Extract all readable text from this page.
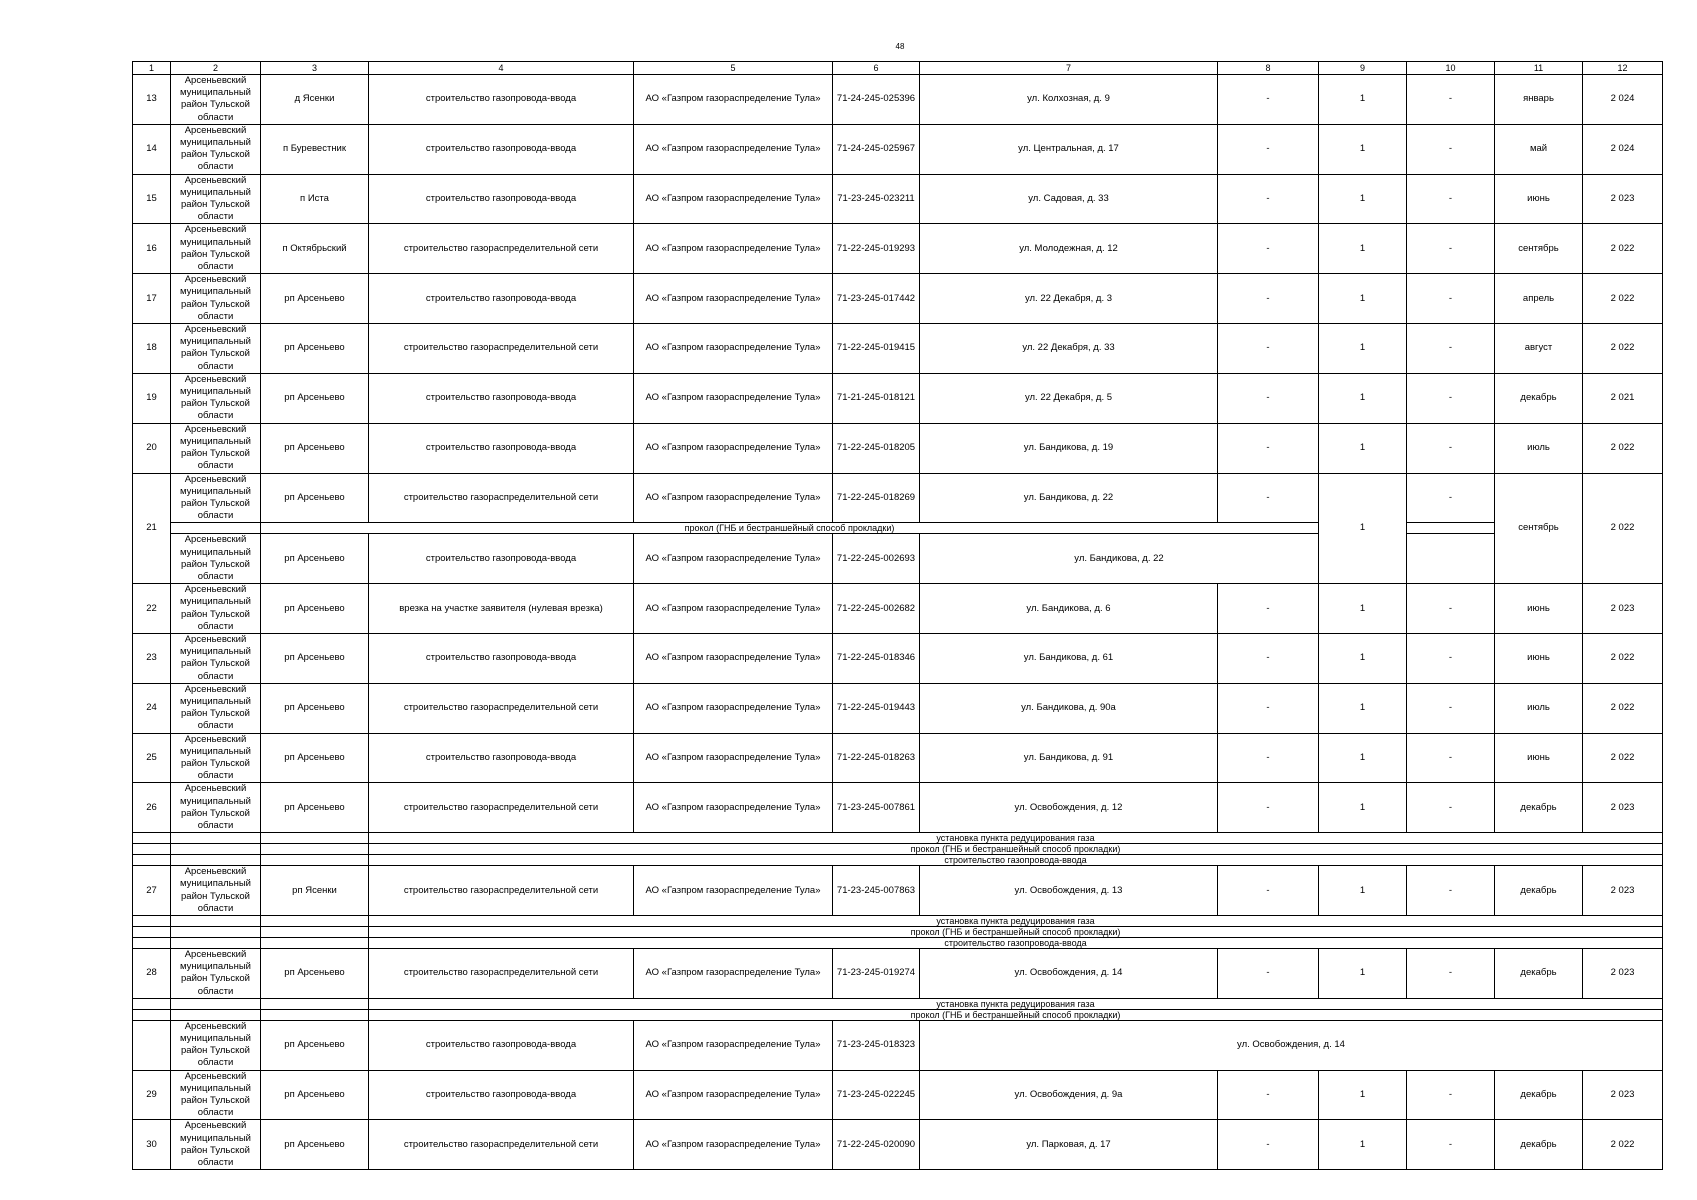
48
1	2	3	4	5	6	7	8	9	10	11	12
13	Арсеньевский муниципальный район Тульской области	д Ясенки	строительство газопровода-ввода	АО «Газпром газораспределение Тула»	71-24-245-025396	ул. Колхозная, д. 9	-	1	-	январь	2 024
14	Арсеньевский муниципальный район Тульской области	п Буревестник	строительство газопровода-ввода	АО «Газпром газораспределение Тула»	71-24-245-025967	ул. Центральная, д. 17	-	1	-	май	2 024
15	Арсеньевский муниципальный район Тульской области	п Иста	строительство газопровода-ввода	АО «Газпром газораспределение Тула»	71-23-245-023211	ул. Садовая, д. 33	-	1	-	июнь	2 023
16	Арсеньевский муниципальный район Тульской области	п Октябрьский	строительство газораспределительной сети	АО «Газпром газораспределение Тула»	71-22-245-019293	ул. Молодежная, д. 12	-	1	-	сентябрь	2 022
17	Арсеньевский муниципальный район Тульской области	рп Арсеньево	строительство газопровода-ввода	АО «Газпром газораспределение Тула»	71-23-245-017442	ул. 22 Декабря, д. 3	-	1	-	апрель	2 022
18	Арсеньевский муниципальный район Тульской области	рп Арсеньево	строительство газораспределительной сети	АО «Газпром газораспределение Тула»	71-22-245-019415	ул. 22 Декабря, д. 33	-	1	-	август	2 022
19	Арсеньевский муниципальный район Тульской области	рп Арсеньево	строительство газопровода-ввода	АО «Газпром газораспределение Тула»	71-21-245-018121	ул. 22 Декабря, д. 5	-	1	-	декабрь	2 021
20	Арсеньевский муниципальный район Тульской области	рп Арсеньево	строительство газопровода-ввода	АО «Газпром газораспределение Тула»	71-22-245-018205	ул. Бандикова, д. 19	-	1	-	июль	2 022
21	Арсеньевский муниципальный район Тульской области	рп Арсеньево	строительство газораспределительной сети	АО «Газпром газораспределение Тула»	71-22-245-018269	ул. Бандикова, д. 22	-	1	-	сентябрь	2 022
		прокол (ГНБ и бестраншейный способ прокладки)									
	Арсеньевский муниципальный район Тульской области	рп Арсеньево	строительство газопровода-ввода	АО «Газпром газораспределение Тула»	71-22-245-002693	ул. Бандикова, д. 22					
22	Арсеньевский муниципальный район Тульской области	рп Арсеньево	врезка на участке заявителя (нулевая врезка)	АО «Газпром газораспределение Тула»	71-22-245-002682	ул. Бандикова, д. 6	-	1	-	июнь	2 023
23	Арсеньевский муниципальный район Тульской области	рп Арсеньево	строительство газопровода-ввода	АО «Газпром газораспределение Тула»	71-22-245-018346	ул. Бандикова, д. 61	-	1	-	июнь	2 022
24	Арсеньевский муниципальный район Тульской области	рп Арсеньево	строительство газораспределительной сети	АО «Газпром газораспределение Тула»	71-22-245-019443	ул. Бандикова, д. 90а	-	1	-	июль	2 022
25	Арсеньевский муниципальный район Тульской области	рп Арсеньево	строительство газопровода-ввода	АО «Газпром газораспределение Тула»	71-22-245-018263	ул. Бандикова, д. 91	-	1	-	июнь	2 022
26	Арсеньевский муниципальный район Тульской области	рп Арсеньево	строительство газораспределительной сети	АО «Газпром газораспределение Тула»	71-23-245-007861	ул. Освобождения, д. 12	-	1	-	декабрь	2 023
			установка пункта редуцирования газа								
			прокол (ГНБ и бестраншейный способ прокладки)								
			строительство газопровода-ввода								
27	Арсеньевский муниципальный район Тульской области	рп Ясенки	строительство газораспределительной сети	АО «Газпром газораспределение Тула»	71-23-245-007863	ул. Освобождения, д. 13	-	1	-	декабрь	2 023
			установка пункта редуцирования газа								
			прокол (ГНБ и бестраншейный способ прокладки)								
			строительство газопровода-ввода								
28	Арсеньевский муниципальный район Тульской области	рп Арсеньево	строительство газораспределительной сети	АО «Газпром газораспределение Тула»	71-23-245-019274	ул. Освобождения, д. 14	-	1	-	декабрь	2 023
			установка пункта редуцирования газа								
			прокол (ГНБ и бестраншейный способ прокладки)								
	Арсеньевский муниципальный район Тульской области	рп Арсеньево	строительство газопровода-ввода	АО «Газпром газораспределение Тула»	71-23-245-018323	ул. Освобождения, д. 14					
29	Арсеньевский муниципальный район Тульской области	рп Арсеньево	строительство газопровода-ввода	АО «Газпром газораспределение Тула»	71-23-245-022245	ул. Освобождения, д. 9а	-	1	-	декабрь	2 023
30	Арсеньевский муниципальный район Тульской области	рп Арсеньево	строительство газораспределительной сети	АО «Газпром газораспределение Тула»	71-22-245-020090	ул. Парковая, д. 17	-	1	-	декабрь	2 022
